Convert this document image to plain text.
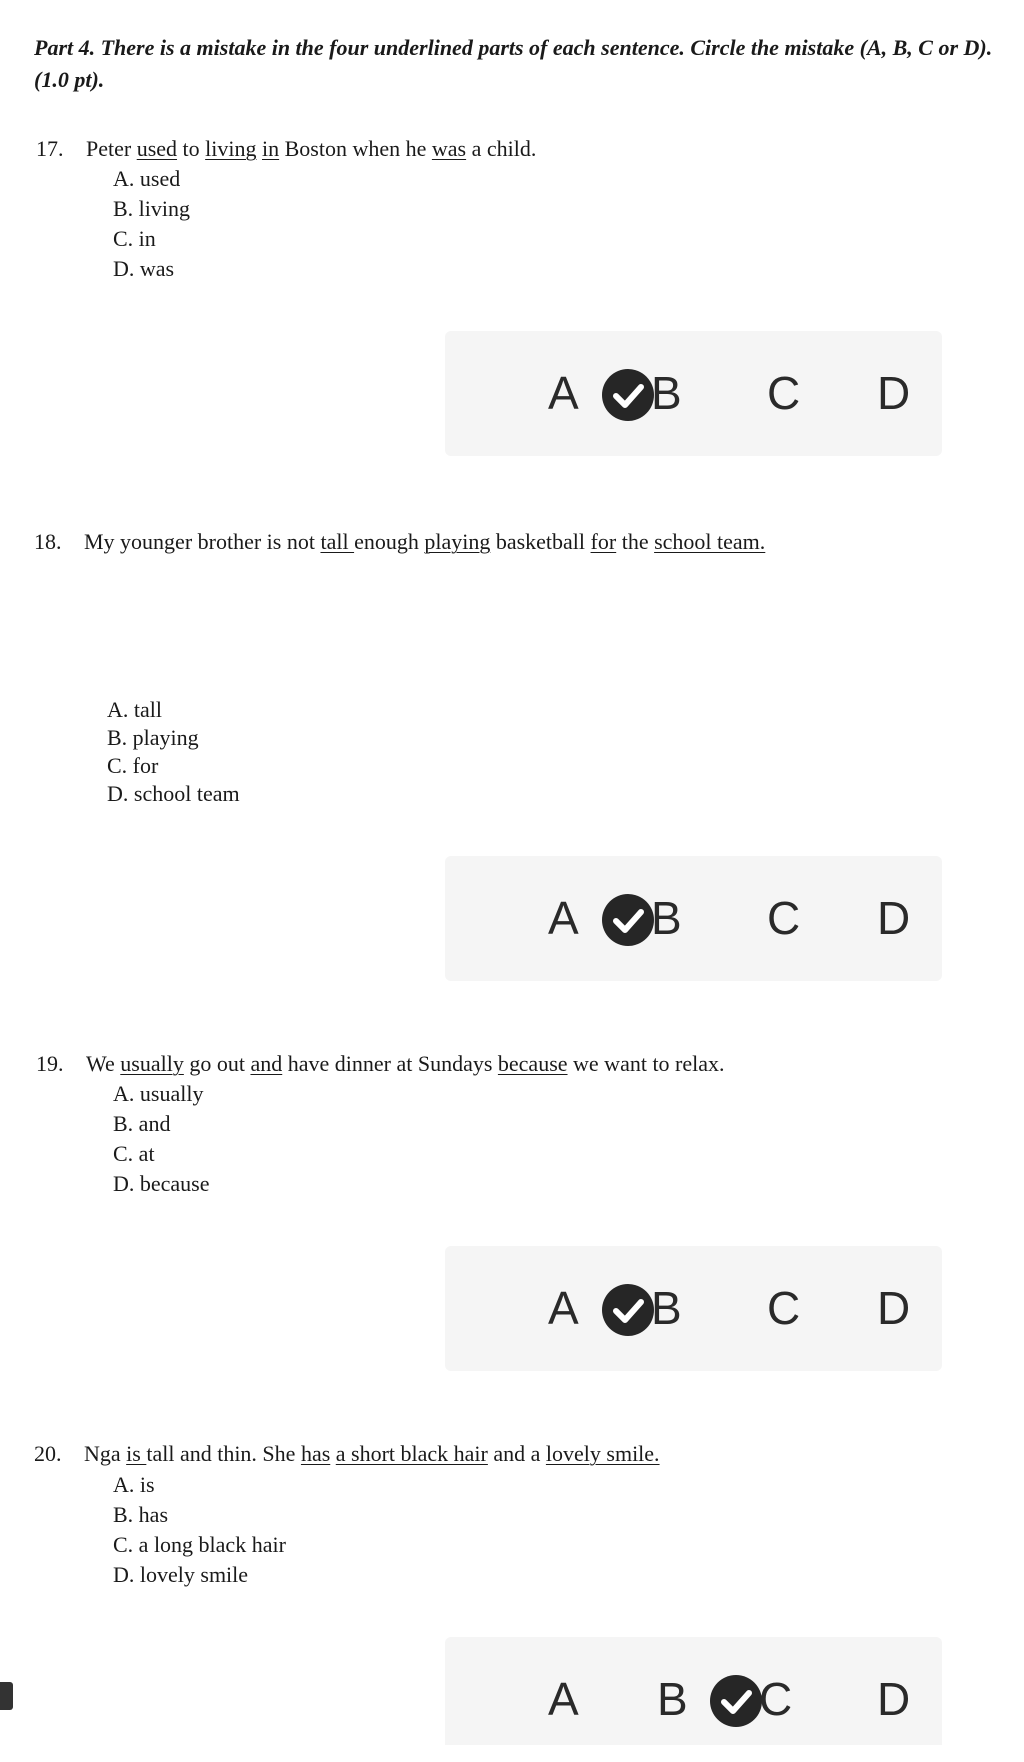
Part 4. There is a mistake in the four underlined parts of each sentence. Circle the mistake (A, B, C or D). (1.0 pt).
17. Peter used to living in Boston when he was a child.
A. used
B. living
C. in
D. was
A B C D
18. My younger brother is not tall enough playing basketball for the school team.
A. tall
B. playing
C. for
D. school team
A B C D
19. We usually go out and have dinner at Sundays because we want to relax.
A. usually
B. and
C. at
D. because
A B C D
20. Nga is tall and thin. She has a short black hair and a lovely smile.
A. is
B. has
C. a long black hair
D. lovely smile
A B C D
